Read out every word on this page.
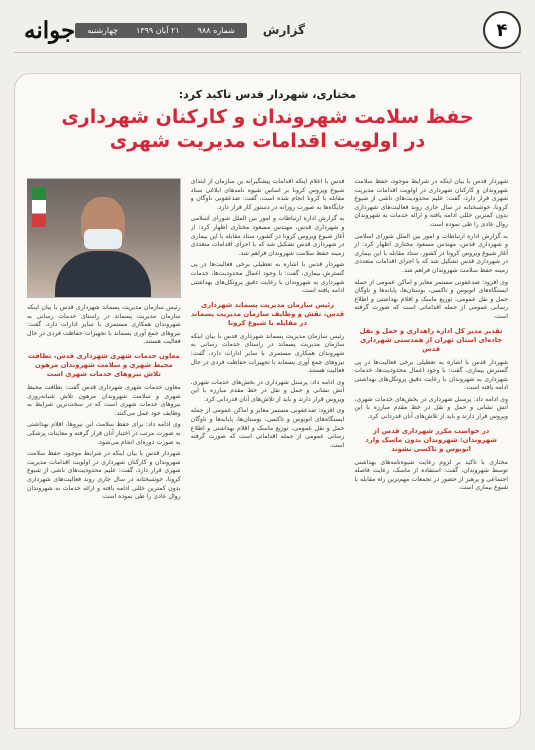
۴
گزارش
شماره ۹۸۸
۲۱ آبان ۱۳۹۹
چهارشنبه
جوانه
مختاری، شهردار قدس تاکید کرد:
حفظ سلامت شهروندان و کارکنان شهرداری
در اولویت اقدامات مدیریت شهری

شهردار قدس با بیان اینکه در شرایط موجود، حفظ سلامت شهروندان و کارکنان شهرداری در اولویت اقدامات مدیریت شهری قرار دارد، گفت: علیم محدودیت‌های ناشی از شیوع کرونا، خوشبختانه در سال جاری روند فعالیت‌های شهرداری بدون کمترین خللی ادامه یافته و ارائه خدمات به شهروندان روال عادی را طی نموده است.

به گزارش اداره ارتباطات و امور بین الملل شورای اسلامی و شهرداری قدس، مهندس مسعود مختاری اظهار کرد: از آغاز شیوع ویروس کرونا در کشور، ستاد مقابله با این بیماری در شهرداری قدس تشکیل شد که با اجرای اقدامات متعددی زمینه حفظ سلامت شهروندان فراهم شد.

وی افزود: ضدعفونی مستمر معابر و اماکن عمومی از جمله ایستگاه‌های اتوبوس و تاکسی، بوستان‌ها، پایانه‌ها و ناوگان حمل و نقل عمومی، توزیع ماسک و اقلام بهداشتی و اطلاع رسانی عمومی از جمله اقداماتی است که صورت گرفته است.

تقدیر مدیر کل اداره راهداری و حمل و نقل جاده‌ای استان تهران از همدستی شهرداری قدس

شهردار قدس با اشاره به تعطیلی برخی فعالیت‌ها در پی گسترش بیماری، گفت: با وجود اعمال محدودیت‌ها، خدمات شهرداری به شهروندان با رعایت دقیق پروتکل‌های بهداشتی ادامه یافته است.

وی ادامه داد: پرسنل شهرداری در بخش‌های خدمات شهری، آتش نشانی و حمل و نقل در خط مقدم مبارزه با این ویروس قرار دارند و باید از تلاش‌های آنان قدردانی کرد.

در خواست مکرر شهرداری قدس از شهروندان: شهروندان بدون ماسک وارد اتوبوس و تاکسی نشوند

مختاری با تاکید بر لزوم رعایت شیوه‌نامه‌های بهداشتی توسط شهروندان، گفت: استفاده از ماسک، رعایت فاصله اجتماعی و پرهیز از حضور در تجمعات مهم‌ترین راه مقابله با شیوع بیماری است.

قدس با اعلام اینکه اقدامات پیشگیرانه بن سازمان از ابتدای شیوع ویروس کرونا بر اساس شیوه نامه‌های ابلاغی ستاد مقابله با کرونا انجام شده است، گفت: ضدعفونی ناوگان و جایگاه‌ها به صورت روزانه در دستور کار قرار دارد.

به گزارش اداره ارتباطات و امور بین الملل شورای اسلامی و شهرداری قدس، مهندس مسعود مختاری اظهار کرد: از آغاز شیوع ویروس کرونا در کشور، ستاد مقابله با این بیماری در شهرداری قدس تشکیل شد که با اجرای اقدامات متعددی زمینه حفظ سلامت شهروندان فراهم شد.

شهردار قدس با اشاره به تعطیلی برخی فعالیت‌ها در پی گسترش بیماری، گفت: با وجود اعمال محدودیت‌ها، خدمات شهرداری به شهروندان با رعایت دقیق پروتکل‌های بهداشتی ادامه یافته است.

رئیس سازمان مدیریت پسماند شهرداری قدس، نقش و وظایف سازمان مدیریت پسماند در مقابله با شیوع کرونا

رئیس سازمان مدیریت پسماند شهرداری قدس با بیان اینکه سازمان مدیریت پسماند در راستای خدمات رسانی به شهروندان همکاری مستمری با سایر ادارات دارد، گفت: نیروهای جمع آوری پسماند با تجهیزات حفاظت فردی در حال فعالیت هستند.

وی ادامه داد: پرسنل شهرداری در بخش‌های خدمات شهری، آتش نشانی و حمل و نقل در خط مقدم مبارزه با این ویروس قرار دارند و باید از تلاش‌های آنان قدردانی کرد.

وی افزود: ضدعفونی مستمر معابر و اماکن عمومی از جمله ایستگاه‌های اتوبوس و تاکسی، بوستان‌ها، پایانه‌ها و ناوگان حمل و نقل عمومی، توزیع ماسک و اقلام بهداشتی و اطلاع رسانی عمومی از جمله اقداماتی است که صورت گرفته است.

رئیس سازمان مدیریت پسماند شهرداری قدس با بیان اینکه سازمان مدیریت پسماند در راستای خدمات رسانی به شهروندان همکاری مستمری با سایر ادارات دارد، گفت: نیروهای جمع آوری پسماند با تجهیزات حفاظت فردی در حال فعالیت هستند.

معاون خدمات شهری شهرداری قدس، نظافت محیط شهری و سلامت شهروندان مرهون تلاش نیروهای خدمات شهری است

معاون خدمات شهری شهرداری قدس گفت: نظافت محیط شهری و سلامت شهروندان مرهون تلاش شبانه‌روزی نیروهای خدمات شهری است که در سخت‌ترین شرایط به وظایف خود عمل می‌کنند.

وی ادامه داد: برای حفظ سلامت این نیروها، اقلام بهداشتی به صورت مرتب در اختیار آنان قرار گرفته و معاینات پزشکی به صورت دوره‌ای انجام می‌شود.

شهردار قدس با بیان اینکه در شرایط موجود، حفظ سلامت شهروندان و کارکنان شهرداری در اولویت اقدامات مدیریت شهری قرار دارد، گفت: علیم محدودیت‌های ناشی از شیوع کرونا، خوشبختانه در سال جاری روند فعالیت‌های شهرداری بدون کمترین خللی ادامه یافته و ارائه خدمات به شهروندان روال عادی را طی نموده است.
